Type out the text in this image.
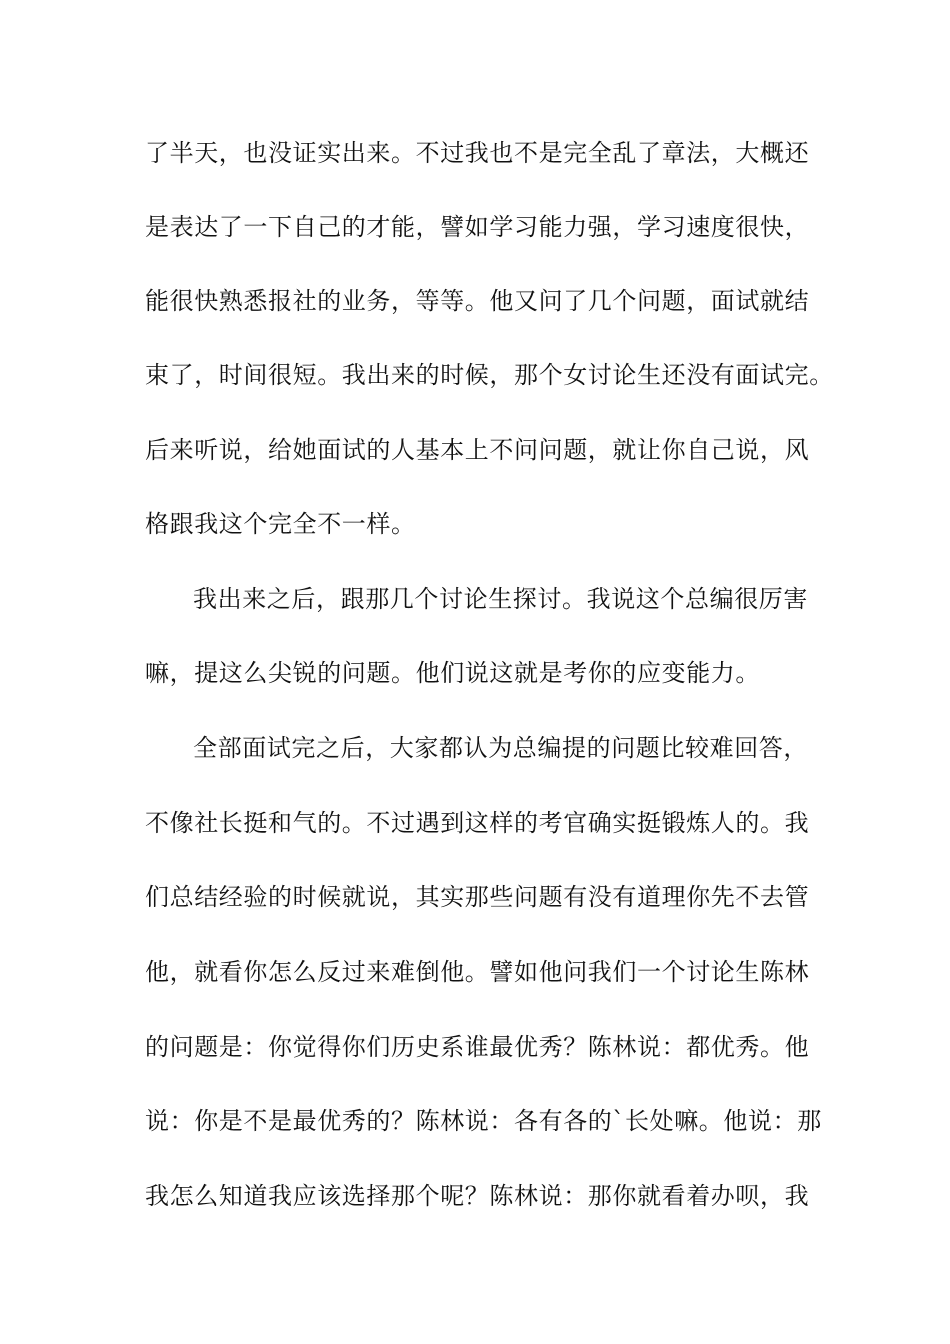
了半天，也没证实出来。不过我也不是完全乱了章法，大概还
是表达了一下自己的才能，譬如学习能力强，学习速度很快，
能很快熟悉报社的业务，等等。他又问了几个问题，面试就结
束了，时间很短。我出来的时候，那个女讨论生还没有面试完。
后来听说，给她面试的人基本上不问问题，就让你自己说，风
格跟我这个完全不一样。
我出来之后，跟那几个讨论生探讨。我说这个总编很厉害
嘛，提这么尖锐的问题。他们说这就是考你的应变能力。
全部面试完之后，大家都认为总编提的问题比较难回答，
不像社长挺和气的。不过遇到这样的考官确实挺锻炼人的。我
们总结经验的时候就说，其实那些问题有没有道理你先不去管
他，就看你怎么反过来难倒他。譬如他问我们一个讨论生陈林
的问题是：你觉得你们历史系谁最优秀？陈林说：都优秀。他
说：你是不是最优秀的？陈林说：各有各的`长处嘛。他说：那
我怎么知道我应该选择那个呢？陈林说：那你就看着办呗，我
